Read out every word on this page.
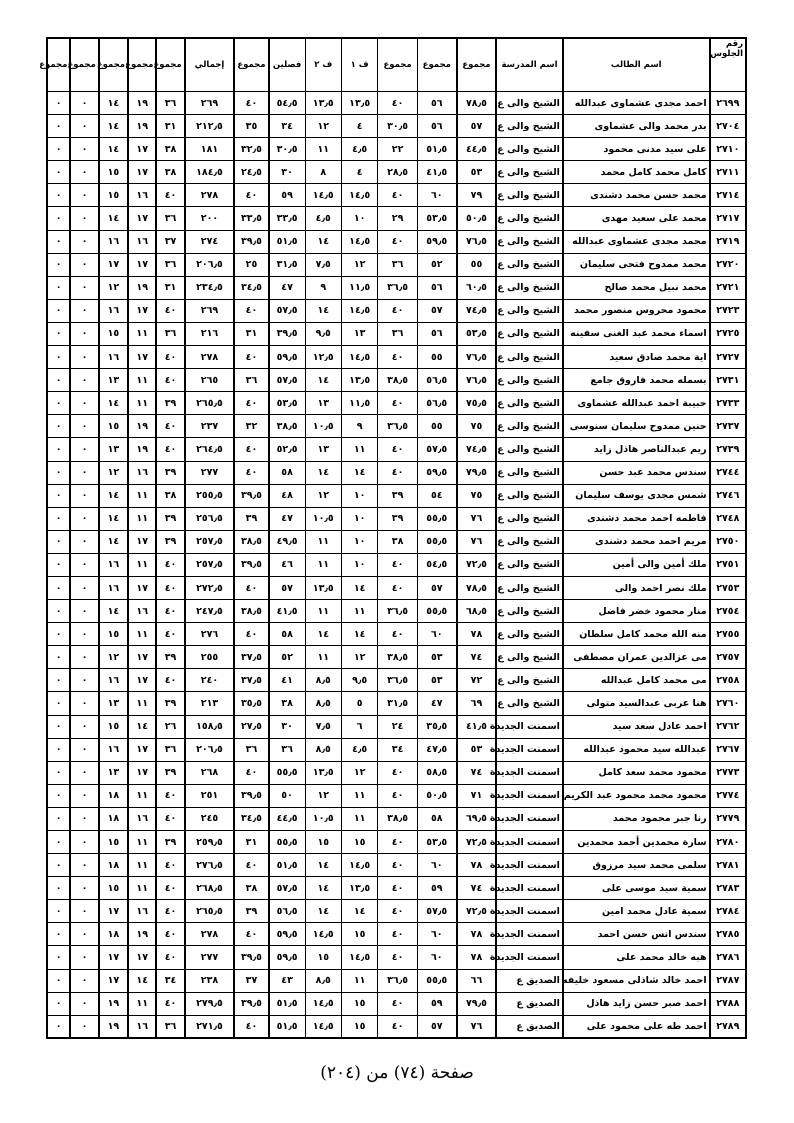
رقم الجلوس	اسم الطالب	اسم المدرسة	مجموع	مجموع	مجموع	ف ١	ف ٢	فصلين	مجموع	إجمالي	مجموع	مجموع	مجموع	مجموع	مجموع
٢٦٩٩	احمد مجدى عشماوى عبدالله	الشيخ والى ع	٧٨٫٥	٥٦	٤٠	١٣٫٥	١٣٫٥	٥٤٫٥	٤٠	٢٦٩	٣٦	١٩	١٤	٠	٠
٢٧٠٤	بدر محمد والى عشماوى	الشيخ والى ع	٥٧	٥٦	٣٠٫٥	٤	١٢	٣٤	٣٥	٢١٢٫٥	٣١	١٩	١٤	٠	٠
٢٧١٠	على سيد مدنى محمود	الشيخ والى ع	٤٤٫٥	٥١٫٥	٢٢	٤٫٥	١١	٣٠٫٥	٣٢٫٥	١٨١	٣٨	١٧	١٤	٠	٠
٢٧١١	كامل محمد كامل محمد	الشيخ والى ع	٥٣	٤١٫٥	٢٨٫٥	٤	٨	٣٠	٢٤٫٥	١٨٤٫٥	٣٨	١٧	١٥	٠	٠
٢٧١٤	محمد حسن محمد دشندى	الشيخ والى ع	٧٩	٦٠	٤٠	١٤٫٥	١٤٫٥	٥٩	٤٠	٢٧٨	٤٠	١٦	١٥	٠	٠
٢٧١٧	محمد على سعيد مهدى	الشيخ والى ع	٥٠٫٥	٥٣٫٥	٢٩	١٠	٤٫٥	٣٣٫٥	٣٣٫٥	٢٠٠	٣٦	١٧	١٤	٠	٠
٢٧١٩	محمد مجدى عشماوى عبدالله	الشيخ والى ع	٧٦٫٥	٥٩٫٥	٤٠	١٤٫٥	١٤	٥١٫٥	٣٩٫٥	٢٧٤	٣٧	١٦	١٦	٠	٠
٢٧٢٠	محمد ممدوح فتحى سليمان	الشيخ والى ع	٥٥	٥٢	٣٦	١٢	٧٫٥	٣١٫٥	٢٥	٢٠٦٫٥	٣٦	١٧	١٧	٠	٠
٢٧٢١	محمد نبيل محمد صالح	الشيخ والى ع	٦٠٫٥	٥٦	٣٦٫٥	١١٫٥	٩	٤٧	٣٤٫٥	٢٣٤٫٥	٣١	١٩	١٢	٠	٠
٢٧٢٣	محمود محروس منصور محمد	الشيخ والى ع	٧٤٫٥	٥٧	٤٠	١٤٫٥	١٤	٥٧٫٥	٤٠	٢٦٩	٤٠	١٧	١٦	٠	٠
٢٧٢٥	اسماء محمد عبد الغنى سفينه	الشيخ والى ع	٥٣٫٥	٥٦	٣٦	١٣	٩٫٥	٣٩٫٥	٣١	٢١٦	٣٦	١١	١٥	٠	٠
٢٧٢٧	اية محمد صادق سعيد	الشيخ والى ع	٧٦٫٥	٥٥	٤٠	١٤٫٥	١٢٫٥	٥٩٫٥	٤٠	٢٧٨	٤٠	١٧	١٦	٠	٠
٢٧٣١	بسمله محمد فاروق جامع	الشيخ والى ع	٧٦٫٥	٥٦٫٥	٣٨٫٥	١٣٫٥	١٤	٥٧٫٥	٣٦	٢٦٥	٤٠	١١	١٣	٠	٠
٢٧٣٣	حبيبة احمد عبدالله عشماوى	الشيخ والى ع	٧٥٫٥	٥٦٫٥	٤٠	١١٫٥	١٣	٥٣٫٥	٤٠	٢٦٥٫٥	٣٩	١١	١٤	٠	٠
٢٧٣٧	حنين ممدوح سليمان سنوسى	الشيخ والى ع	٧٥	٥٥	٣٦٫٥	٩	١٠٫٥	٣٨٫٥	٣٢	٢٣٧	٤٠	١٩	١٥	٠	٠
٢٧٣٩	ريم عبدالناصر هاذل زايد	الشيخ والى ع	٧٤٫٥	٥٧٫٥	٤٠	١١	١٣	٥٢٫٥	٤٠	٢٦٤٫٥	٤٠	١٩	١٣	٠	٠
٢٧٤٤	سندس محمد عبد حسن	الشيخ والى ع	٧٩٫٥	٥٩٫٥	٤٠	١٤	١٤	٥٨	٤٠	٢٧٧	٣٩	١٦	١٢	٠	٠
٢٧٤٦	شمس مجدى يوسف سليمان	الشيخ والى ع	٧٥	٥٤	٣٩	١٠	١٢	٤٨	٣٩٫٥	٢٥٥٫٥	٣٨	١١	١٤	٠	٠
٢٧٤٨	فاطمه احمد محمد دشندى	الشيخ والى ع	٧٦	٥٥٫٥	٣٩	١٠	١٠٫٥	٤٧	٣٩	٢٥٦٫٥	٣٩	١١	١٤	٠	٠
٢٧٥٠	مريم احمد محمد دشندى	الشيخ والى ع	٧٦	٥٥٫٥	٣٨	١٠	١١	٤٩٫٥	٣٨٫٥	٢٥٧٫٥	٣٩	١٧	١٤	٠	٠
٢٧٥١	ملك أمين والى أمين	الشيخ والى ع	٧٢٫٥	٥٤٫٥	٤٠	١٠	١١	٤٦	٣٩٫٥	٢٥٧٫٥	٤٠	١١	١٦	٠	٠
٢٧٥٣	ملك نصر احمد والى	الشيخ والى ع	٧٨٫٥	٥٧	٤٠	١٤	١٣٫٥	٥٧	٤٠	٢٧٢٫٥	٤٠	١٧	١٦	٠	٠
٢٧٥٤	منار محمود خضر فاضل	الشيخ والى ع	٦٨٫٥	٥٥٫٥	٣٦٫٥	١١	١١	٤١٫٥	٣٨٫٥	٢٤٧٫٥	٤٠	١٦	١٤	٠	٠
٢٧٥٥	منه الله محمد كامل سلطان	الشيخ والى ع	٧٨	٦٠	٤٠	١٤	١٤	٥٨	٤٠	٢٧٦	٤٠	١١	١٥	٠	٠
٢٧٥٧	مى عزالدين عمران مصطفى	الشيخ والى ع	٧٤	٥٣	٣٨٫٥	١٢	١١	٥٢	٣٧٫٥	٢٥٥	٣٩	١٧	١٢	٠	٠
٢٧٥٨	مى محمد كامل عبدالله	الشيخ والى ع	٧٢	٥٣	٣٦٫٥	٩٫٥	٨٫٥	٤١	٣٧٫٥	٢٤٠	٤٠	١٧	١٦	٠	٠
٢٧٦٠	هنا عربى عبدالسيد متولى	الشيخ والى ع	٦٩	٤٧	٣١٫٥	٥	٨٫٥	٣٨	٣٥٫٥	٢١٣	٣٩	١١	١٣	٠	٠
٢٧٦٢	احمد عادل سعد سيد	اسمنت الجديدة	٤١٫٥	٣٥٫٥	٢٤	٦	٧٫٥	٣٠	٢٧٫٥	١٥٨٫٥	٢٦	١٤	١٥	٠	٠
٢٧٦٧	عبدالله سيد محمود عبدالله	اسمنت الجديدة	٥٣	٤٧٫٥	٣٤	٤٫٥	٨٫٥	٣٦	٣٦	٢٠٦٫٥	٣٦	١٧	١٦	٠	٠
٢٧٧٣	محمود محمد سعد كامل	اسمنت الجديدة	٧٤	٥٨٫٥	٤٠	١٢	١٣٫٥	٥٥٫٥	٤٠	٢٦٨	٣٩	١٧	١٣	٠	٠
٢٧٧٤	محمود محمد محمود عبد الكريم	اسمنت الجديدة	٧١	٥٠٫٥	٤٠	١١	١٢	٥٠	٣٩٫٥	٢٥١	٤٠	١١	١٨	٠	٠
٢٧٧٩	رنا جبر محمود محمد	اسمنت الجديدة	٦٩٫٥	٥٨	٣٨٫٥	١١	١٠٫٥	٤٤٫٥	٣٤٫٥	٢٤٥	٤٠	١٦	١٨	٠	٠
٢٧٨٠	سارة محمدين أحمد محمدين	اسمنت الجديدة	٧٢٫٥	٥٣٫٥	٤٠	١٥	١٥	٥٥٫٥	٣١	٢٥٩٫٥	٣٩	١١	١٥	٠	٠
٢٧٨١	سلمى محمد سيد مرزوق	اسمنت الجديدة	٧٨	٦٠	٤٠	١٤٫٥	١٤	٥١٫٥	٤٠	٢٧٦٫٥	٤٠	١١	١٨	٠	٠
٢٧٨٣	سمية سيد موسى على	اسمنت الجديدة	٧٤	٥٩	٤٠	١٣٫٥	١٤	٥٧٫٥	٣٨	٢٦٨٫٥	٤٠	١١	١٥	٠	٠
٢٧٨٤	سمية عادل محمد امين	اسمنت الجديدة	٧٢٫٥	٥٧٫٥	٤٠	١٤	١٤	٥٦٫٥	٣٩	٢٦٥٫٥	٤٠	١٦	١٧	٠	٠
٢٧٨٥	سندس انس حسن احمد	اسمنت الجديدة	٧٨	٦٠	٤٠	١٥	١٤٫٥	٥٩٫٥	٤٠	٢٧٨	٤٠	١٩	١٨	٠	٠
٢٧٨٦	هبه خالد محمد على	اسمنت الجديدة	٧٨	٦٠	٤٠	١٤٫٥	١٥	٥٩٫٥	٣٩٫٥	٢٧٧	٤٠	١٧	١٧	٠	٠
٢٧٨٧	احمد خالد شاذلى مسعود خليفه	الصديق ع	٦٦	٥٥٫٥	٣٦٫٥	١١	٨٫٥	٤٣	٣٧	٢٣٨	٣٤	١٤	١٧	٠	٠
٢٧٨٨	احمد صبر حسن زايد هاذل	الصديق ع	٧٩٫٥	٥٩	٤٠	١٥	١٤٫٥	٥١٫٥	٣٩٫٥	٢٧٩٫٥	٤٠	١١	١٩	٠	٠
٢٧٨٩	احمد طه على محمود على	الصديق ع	٧٦	٥٧	٤٠	١٥	١٤٫٥	٥١٫٥	٤٠	٢٧١٫٥	٣٦	١٦	١٩	٠	٠
صفحة (٧٤) من (٢٠٤)
